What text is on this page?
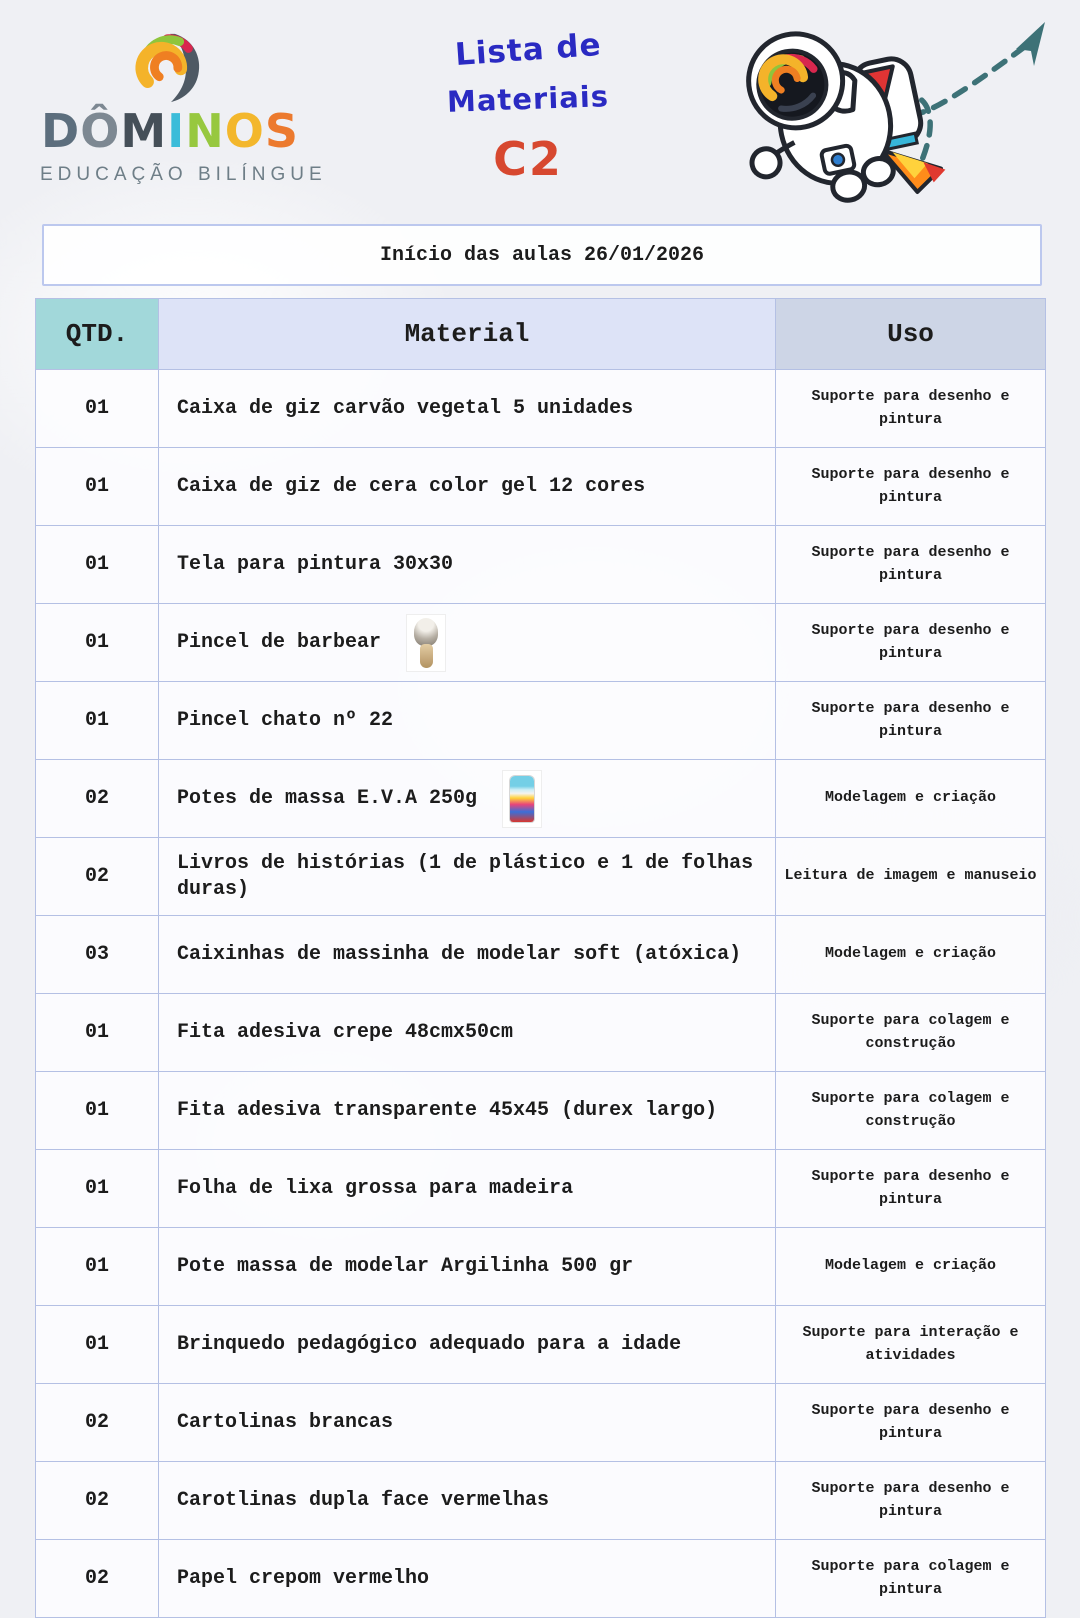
DÔMINOS
EDUCAÇÃO BILÍNGUE
Lista de
Materiais
C2
Início das aulas 26/01/2026
QTD.	Material	Uso
01	Caixa de giz carvão vegetal 5 unidades	Suporte para desenho e pintura
01	Caixa de giz de cera color gel 12 cores	Suporte para desenho e pintura
01	Tela para pintura 30x30	Suporte para desenho e pintura
01	Pincel de barbear	Suporte para desenho e pintura
01	Pincel chato nº 22	Suporte para desenho e pintura
02	Potes de massa E.V.A 250g	Modelagem e criação
02	Livros de histórias (1 de plástico e 1 de folhas duras)	Leitura de imagem e manuseio
03	Caixinhas de massinha de modelar soft (atóxica)	Modelagem e criação
01	Fita adesiva crepe 48cmx50cm	Suporte para colagem e construção
01	Fita adesiva transparente 45x45 (durex largo)	Suporte para colagem e construção
01	Folha de lixa grossa para madeira	Suporte para desenho e pintura
01	Pote massa de modelar Argilinha 500 gr	Modelagem e criação
01	Brinquedo pedagógico adequado para a idade	Suporte para interação e atividades
02	Cartolinas brancas	Suporte para desenho e pintura
02	Carotlinas dupla face vermelhas	Suporte para desenho e pintura
02	Papel crepom vermelho	Suporte para colagem e pintura
